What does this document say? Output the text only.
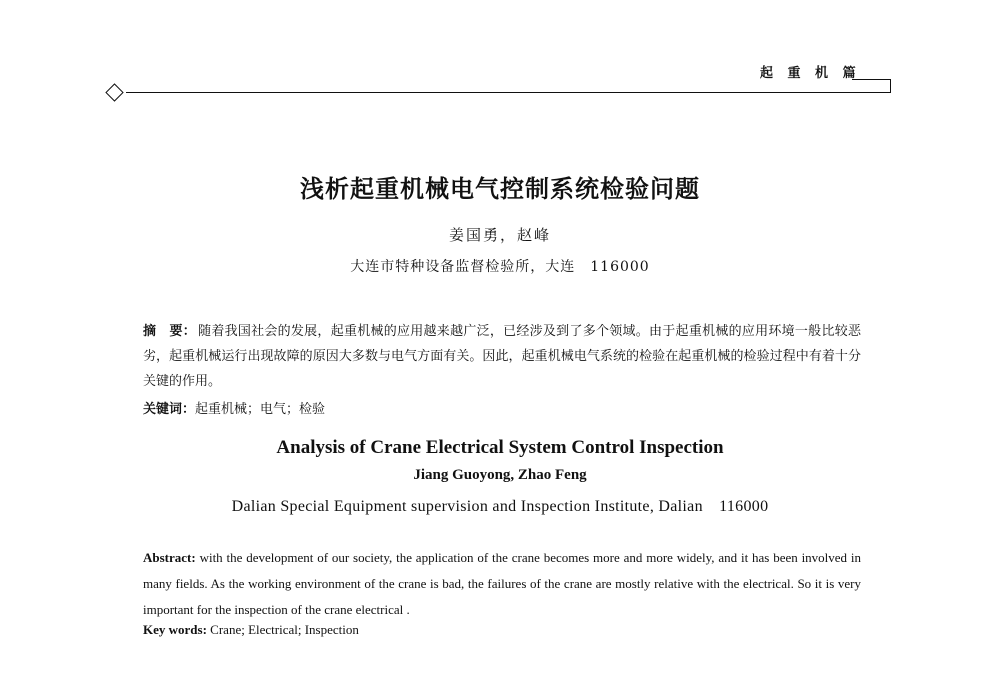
起 重 机 篇
浅析起重机械电气控制系统检验问题
姜国勇，赵峰
大连市特种设备监督检验所，大连　116000
摘　要： 随着我国社会的发展，起重机械的应用越来越广泛，已经涉及到了多个领域。由于起重机械的应用环境一般比较恶劣，起重机械运行出现故障的原因大多数与电气方面有关。因此，起重机械电气系统的检验在起重机械的检验过程中有着十分关键的作用。
关键词：起重机械；电气；检验
Analysis of Crane Electrical System Control Inspection
Jiang Guoyong, Zhao Feng
Dalian Special Equipment supervision and Inspection Institute, Dalian　116000
Abstract: with the development of our society, the application of the crane becomes more and more widely, and it has been involved in many fields. As the working environment of the crane is bad, the failures of the crane are mostly relative with the electrical. So it is very important for the inspection of the crane electrical .
Key words: Crane; Electrical; Inspection
